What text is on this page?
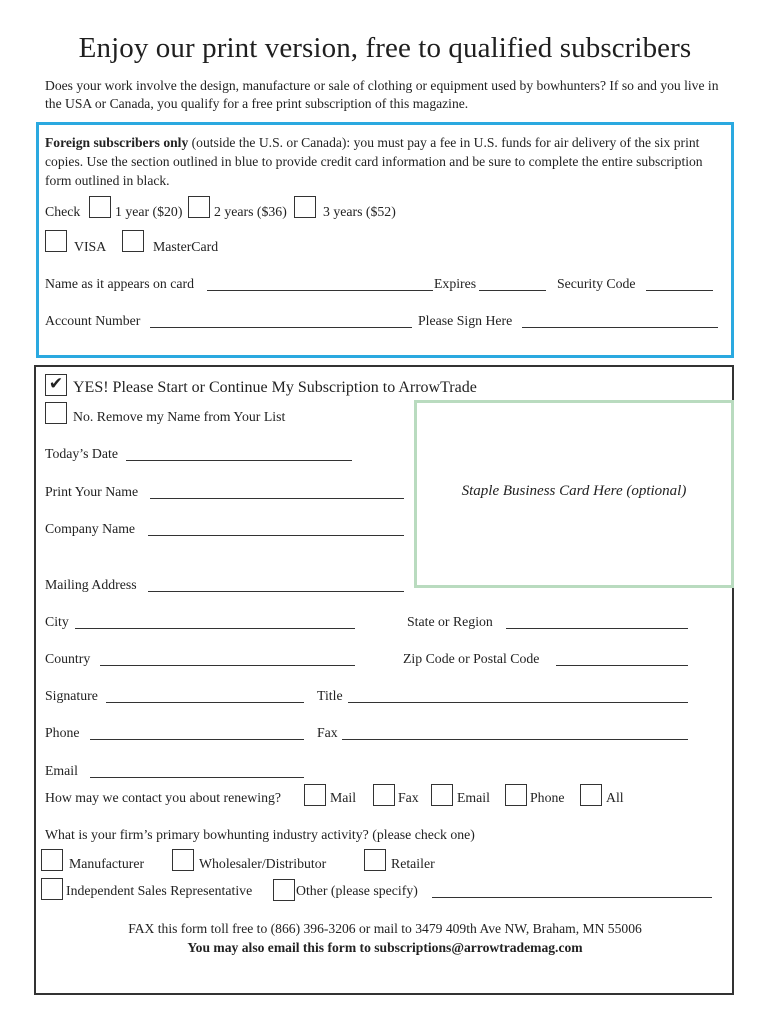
Enjoy our print version, free to qualified subscribers
Does your work involve the design, manufacture or sale of clothing or equipment used by bowhunters? If so and you live in the USA or Canada, you qualify for a free print subscription of this magazine.
Foreign subscribers only (outside the U.S. or Canada): you must pay a fee in U.S. funds for air delivery of the six print copies. Use the section outlined in blue to provide credit card information and be sure to complete the entire subscription form outlined in black.
Check	1 year ($20) 2 years ($36)	3 years ($52)
VISA	MasterCard
Name as it appears on card	Expires	Security Code
Account Number	Please Sign Here
Staple Business Card Here (optional)
✔ YES! Please Start or Continue My Subscription to ArrowTrade
No. Remove my Name from Your List
Today’s Date
Print Your Name
Company Name
Mailing Address
City	State or Region
Country	Zip Code or Postal Code
Signature	Title
Phone	Fax
Email
How may we contact you about renewing?	Mail	Fax	Email	Phone	All
What is your firm’s primary bowhunting industry activity? (please check one)
Manufacturer	Wholesaler/Distributor	Retailer
Independent Sales Representative	Other (please specify)
FAX this form toll free to (866) 396-3206 or mail to 3479 409th Ave NW, Braham, MN 55006
You may also email this form to subscriptions@arrowtrademag.com
